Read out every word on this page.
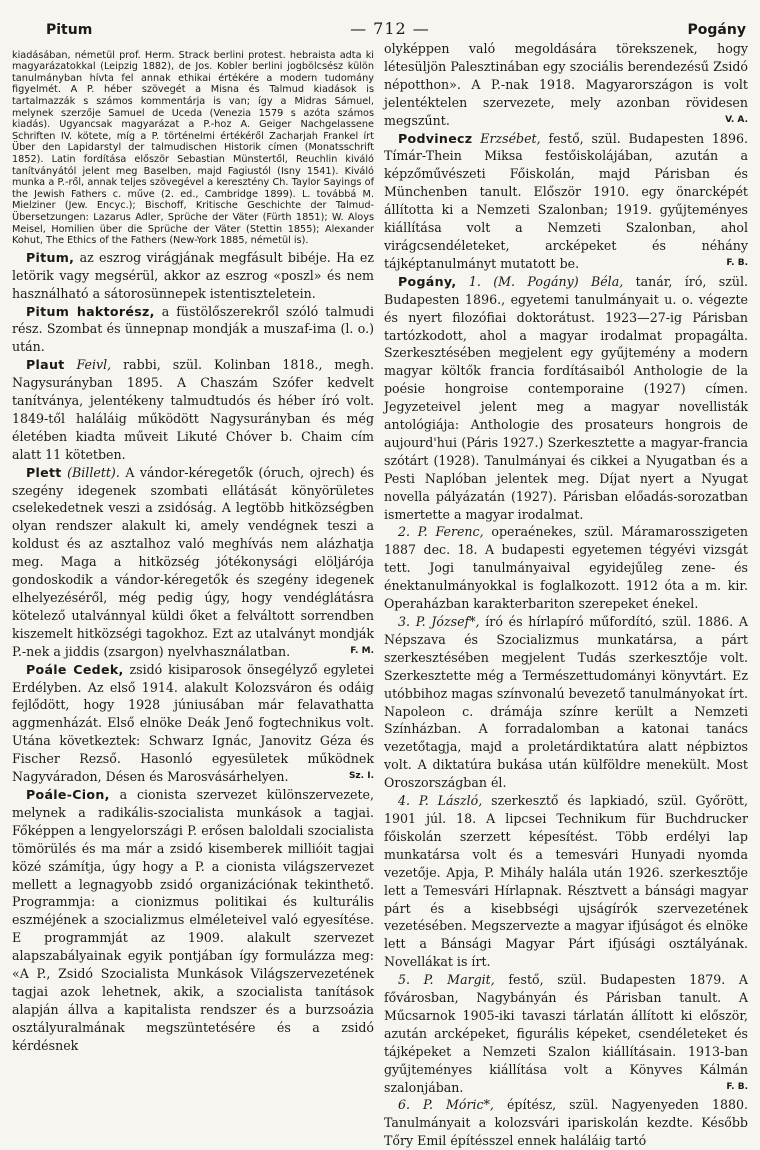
Pitum	— 712 —	Pogány

kiadásában, németül prof. Herm. Strack berlini protest. hebraista adta ki magyarázatokkal (Leipzig 1882), de Jos. Kobler berlini jogbölcsész külön tanulmányban hívta fel annak ethikai értékére a modern tudomány figyelmét. A P. héber szövegét a Misna és Talmud kiadások is tartalmazzák s számos kommentárja is van; így a Midras Sámuel, melynek szerzője Samuel de Uceda (Venezia 1579 s azóta számos kiadás). Ugyancsak magyarázat a P.-hoz A. Geiger Nachgelassene Schriften IV. kötete, míg a P. történelmi értékéről Zacharjah Frankel írt Über den Lapidarstyl der talmudischen Historik címen (Monatsschrift 1852). Latin fordítása először Sebastian Münstertől, Reuchlin kiváló tanítványától jelent meg Baselben, majd Fagiustól (Isny 1541). Kiváló munka a P.-ről, annak teljes szövegével a keresztény Ch. Taylor Sayings of the Jewish Fathers c. műve (2. ed., Cambridge 1899). L. továbbá M. Mielziner (Jew. Encyc.); Bischoff, Kritische Geschichte der Talmud-Übersetzungen: Lazarus Adler, Sprüche der Väter (Fürth 1851); W. Aloys Meisel, Homilien über die Sprüche der Väter (Stettin 1855); Alexander Kohut, The Ethics of the Fathers (New-York 1885, németül is).

Pitum, az eszrog virágjának megfásult bibéje. Ha ez letörik vagy megsérül, akkor az eszrog «poszl» és nem használható a sátorosünnepek istentiszteletein.

Pitum haktorész, a füstölőszerekről szóló talmudi rész. Szombat és ünnepnap mondják a muszaf-ima (l. o.) után.

Plaut Feivl, rabbi, szül. Kolinban 1818., megh. Nagysurányban 1895. A Chaszám Szófer kedvelt tanítványa, jelentékeny talmudtudós és héber író volt. 1849-től haláláig működött Nagysurányban és még életében kiadta műveit Likuté Chóver b. Chaim cím alatt 11 kötetben.

Plett (Billett). A vándor-kéregetők (óruch, ojrech) és szegény idegenek szombati ellátását könyörületes cselekedetnek veszi a zsidóság. A legtöbb hitközségben olyan rendszer alakult ki, amely vendégnek teszi a koldust és az asztalhoz való meghívás nem alázhatja meg. Maga a hitközség jótékonysági elöljárója gondoskodik a vándor-kéregetők és szegény idegenek elhelyezéséről, még pedig úgy, hogy vendéglátásra kötelező utalvánnyal küldi őket a felváltott sorrendben kiszemelt hitközségi tagokhoz. Ezt az utalványt mondják P.-nek a jiddis (zsargon) nyelvhasználatban.	F. M.

Poále Cedek, zsidó kisiparosok önsegélyző egyletei Erdélyben. Az első 1914. alakult Kolozsváron és odáig fejlődött, hogy 1928 júniusában már felavathatta aggmenházát. Első elnöke Deák Jenő fogtechnikus volt. Utána következtek: Schwarz Ignác, Janovitz Géza és Fischer Rezső. Hasonló egyesületek működnek Nagyváradon, Désen és Marosvásárhelyen.	Sz. I.

Poále-Cion, a cionista szervezet különszervezete, melynek a radikális-szocialista munkások a tagjai. Főképpen a lengyelországi P. erősen baloldali szocialista tömörülés és ma már a zsidó kisemberek millióit tagjai közé számítja, úgy hogy a P. a cionista világszervezet mellett a legnagyobb zsidó organizációnak tekinthető. Programmja: a cionizmus politikai és kulturális eszméjének a szocializmus elméleteivel való egyesítése. E programmját az 1909. alakult szervezet alapszabályainak egyik pontjában így formulázza meg: «A P., Zsidó Szocialista Munkások Világszervezetének tagjai azok lehetnek, akik, a szocialista tanítások alapján állva a kapitalista rendszer és a burzsoázia osztályuralmának megszüntetésére és a zsidó kérdésnek

olyképpen való megoldására törekszenek, hogy létesüljön Palesztinában egy szociális berendezésű Zsidó népotthon». A P.-nak 1918. Magyarországon is volt jelentéktelen szervezete, mely azonban rövidesen megszűnt.	V. A.

Podvinecz Erzsébet, festő, szül. Budapesten 1896. Tímár-Thein Miksa festőiskolájában, azután a képzőművészeti Főiskolán, majd Párisban és Münchenben tanult. Először 1910. egy önarcképét állította ki a Nemzeti Szalonban; 1919. gyűjteményes kiállítása volt a Nemzeti Szalonban, ahol virágcsendéleteket, arcképeket és néhány tájképtanulmányt mutatott be.	F. B.

Pogány, 1. (M. Pogány) Béla, tanár, író, szül. Budapesten 1896., egyetemi tanulmányait u. o. végezte és nyert filozófiai doktorátust. 1923—27-ig Párisban tartózkodott, ahol a magyar irodalmat propagálta. Szerkesztésében megjelent egy gyűjtemény a modern magyar költők francia fordításaiból Anthologie de la poésie hongroise contemporaine (1927) címen. Jegyzeteivel jelent meg a magyar novellisták antológiája: Anthologie des prosateurs hongrois de aujourd'hui (Páris 1927.) Szerkesztette a magyar-francia szótárt (1928). Tanulmányai és cikkei a Nyugatban és a Pesti Naplóban jelentek meg. Díjat nyert a Nyugat novella pályázatán (1927). Párisban előadás-sorozatban ismertette a magyar irodalmat.

2. P. Ferenc, operaénekes, szül. Máramarosszigeten 1887 dec. 18. A budapesti egyetemen tégyévi vizsgát tett. Jogi tanulmányaival egyidejűleg zene- és énektanulmányokkal is foglalkozott. 1912 óta a m. kir. Operaházban karakterbariton szerepeket énekel.

3. P. József*, író és hírlapíró műfordító, szül. 1886. A Népszava és Szocializmus munkatársa, a párt szerkesztésében megjelent Tudás szerkesztője volt. Szerkesztette még a Természettudományi könyvtárt. Ez utóbbihoz magas színvonalú bevezető tanulmányokat írt. Napoleon c. drámája színre került a Nemzeti Színházban. A forradalomban a katonai tanács vezetőtagja, majd a proletárdiktatúra alatt népbiztos volt. A diktatúra bukása után külföldre menekült. Most Oroszországban él.

4. P. László, szerkesztő és lapkiadó, szül. Győrött, 1901 júl. 18. A lipcsei Technikum für Buchdrucker főiskolán szerzett képesítést. Több erdélyi lap munkatársa volt és a temesvári Hunyadi nyomda vezetője. Apja, P. Mihály halála után 1926. szerkesztője lett a Temesvári Hírlapnak. Résztvett a bánsági magyar párt és a kisebbségi ujságírók szervezetének vezetésében. Megszervezte a magyar ifjúságot és elnöke lett a Bánsági Magyar Párt ifjúsági osztályának. Novellákat is írt.

5. P. Margit, festő, szül. Budapesten 1879. A fővárosban, Nagybányán és Párisban tanult. A Műcsarnok 1905-iki tavaszi tárlatán állított ki először, azután arcképeket, figurális képeket, csendéleteket és tájképeket a Nemzeti Szalon kiállításain. 1913-ban gyűjteményes kiállítása volt a Könyves Kálmán szalonjában.	F. B.

6. P. Móric*, építész, szül. Nagyenyeden 1880. Tanulmányait a kolozsvári ipariskolán kezdte. Később Tőry Emil építésszel ennek haláláig tartó
